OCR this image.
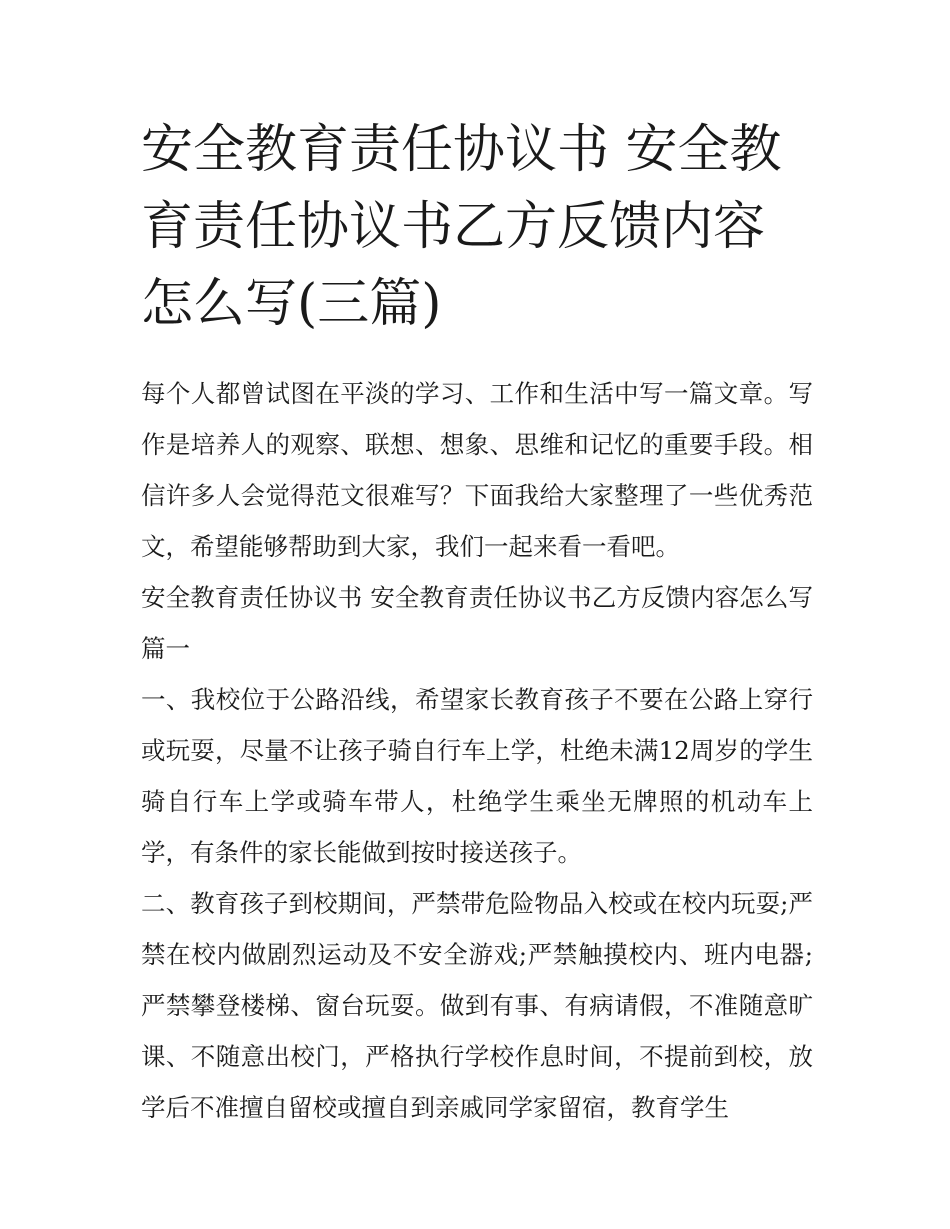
安全教育责任协议书 安全教育责任协议书乙方反馈内容怎么写(三篇)

每个人都曾试图在平淡的学习、工作和生活中写一篇文章。写作是培养人的观察、联想、想象、思维和记忆的重要手段。相信许多人会觉得范文很难写？下面我给大家整理了一些优秀范文，希望能够帮助到大家，我们一起来看一看吧。

安全教育责任协议书 安全教育责任协议书乙方反馈内容怎么写篇一

一、我校位于公路沿线，希望家长教育孩子不要在公路上穿行或玩耍，尽量不让孩子骑自行车上学，杜绝未满12周岁的学生骑自行车上学或骑车带人，杜绝学生乘坐无牌照的机动车上学，有条件的家长能做到按时接送孩子。

二、教育孩子到校期间，严禁带危险物品入校或在校内玩耍;严禁在校内做剧烈运动及不安全游戏;严禁触摸校内、班内电器;严禁攀登楼梯、窗台玩耍。做到有事、有病请假，不准随意旷课、不随意出校门，严格执行学校作息时间，不提前到校，放学后不准擅自留校或擅自到亲戚同学家留宿，教育学生
